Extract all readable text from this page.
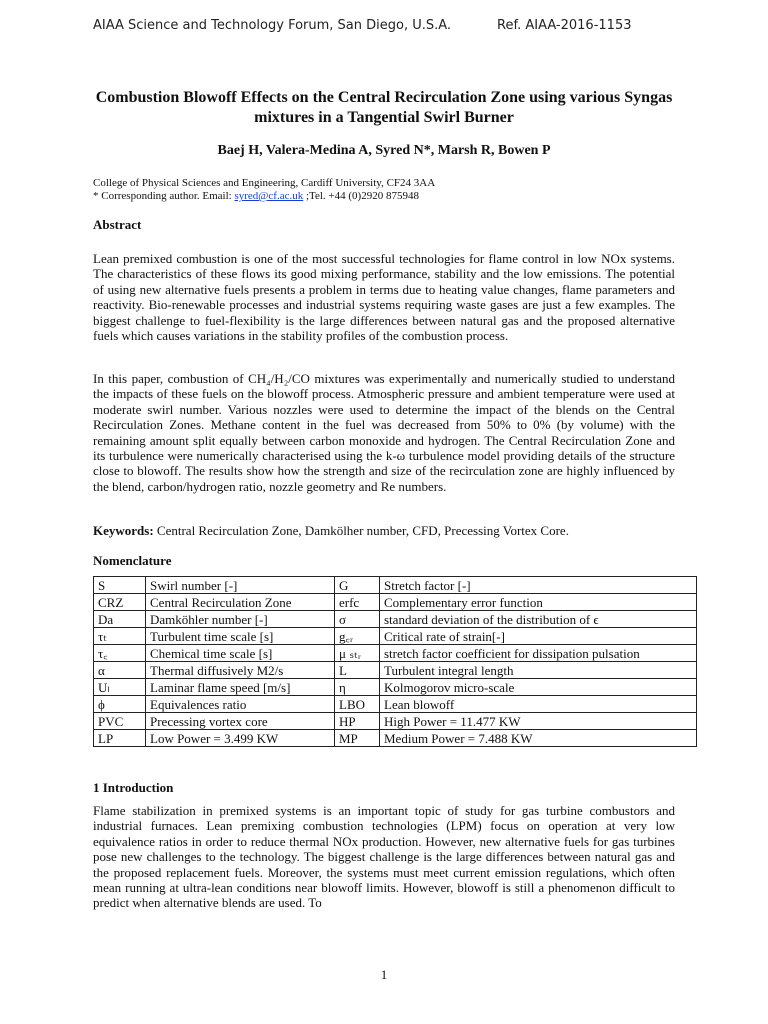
AIAA Science and Technology Forum, San Diego, U.S.A.	Ref. AIAA-2016-1153
Combustion Blowoff Effects on the Central Recirculation Zone using various Syngas mixtures in a Tangential Swirl Burner
Baej H, Valera-Medina A, Syred N*, Marsh R, Bowen P
College of Physical Sciences and Engineering, Cardiff University, CF24 3AA
* Corresponding author. Email: syred@cf.ac.uk ;Tel. +44 (0)2920 875948
Abstract
Lean premixed combustion is one of the most successful technologies for flame control in low NOx systems. The characteristics of these flows its good mixing performance, stability and the low emissions. The potential of using new alternative fuels presents a problem in terms due to heating value changes, flame parameters and reactivity. Bio-renewable processes and industrial systems requiring waste gases are just a few examples. The biggest challenge to fuel-flexibility is the large differences between natural gas and the proposed alternative fuels which causes variations in the stability profiles of the combustion process.
In this paper, combustion of CH₄/H₂/CO mixtures was experimentally and numerically studied to understand the impacts of these fuels on the blowoff process. Atmospheric pressure and ambient temperature were used at moderate swirl number. Various nozzles were used to determine the impact of the blends on the Central Recirculation Zones. Methane content in the fuel was decreased from 50% to 0% (by volume) with the remaining amount split equally between carbon monoxide and hydrogen. The Central Recirculation Zone and its turbulence were numerically characterised using the k-ω turbulence model providing details of the structure close to blowoff. The results show how the strength and size of the recirculation zone are highly influenced by the blend, carbon/hydrogen ratio, nozzle geometry and Re numbers.
Keywords: Central Recirculation Zone, Damkölher number, CFD, Precessing Vortex Core.
Nomenclature
S	Swirl number [-]	G	Stretch factor [-]
CRZ	Central Recirculation Zone	erfc	Complementary error function
Da	Damköhler number [-]	σ	standard deviation of the distribution of ϵ
τₜ	Turbulent time scale [s]	g꜀ᵣ	Critical rate of strain[-]
τ꜀	Chemical time scale [s]	μ ₛₜᵣ	stretch factor coefficient for dissipation pulsation
α	Thermal diffusively M2/s	L	Turbulent integral length
Uₗ	Laminar flame speed [m/s]	η	Kolmogorov micro-scale
ϕ	Equivalences ratio	LBO	Lean blowoff
PVC	Precessing vortex core	HP	High Power = 11.477 KW
LP	Low Power = 3.499 KW	MP	Medium Power = 7.488 KW
1 Introduction
Flame stabilization in premixed systems is an important topic of study for gas turbine combustors and industrial furnaces. Lean premixing combustion technologies (LPM) focus on operation at very low equivalence ratios in order to reduce thermal NOx production. However, new alternative fuels for gas turbines pose new challenges to the technology. The biggest challenge is the large differences between natural gas and the proposed replacement fuels. Moreover, the systems must meet current emission regulations, which often mean running at ultra-lean conditions near blowoff limits. However, blowoff is still a phenomenon difficult to predict when alternative blends are used. To
1
